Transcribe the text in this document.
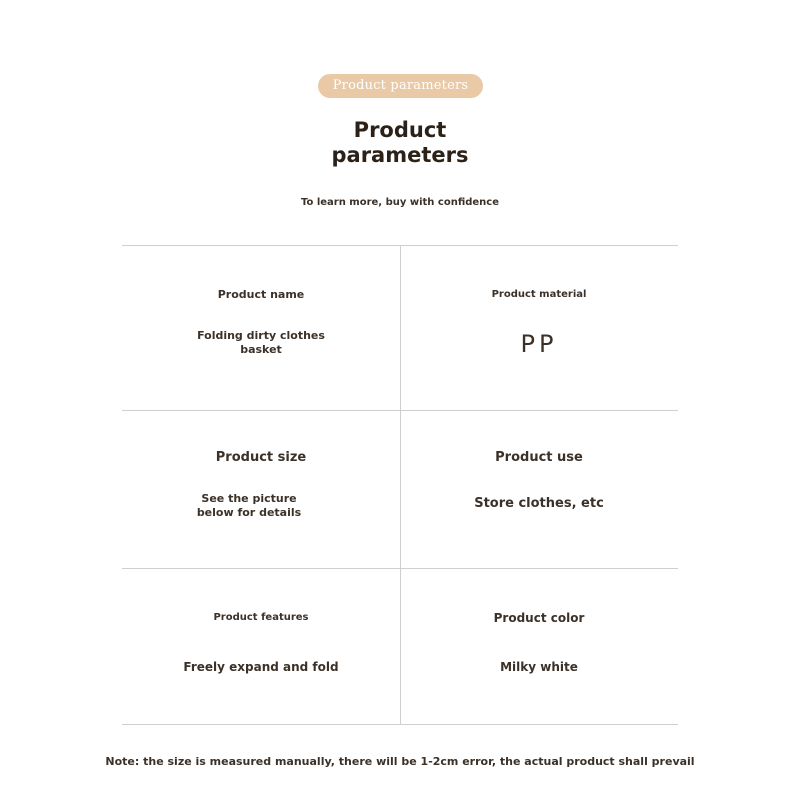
Product parameters
Product
parameters
To learn more, buy with confidence
Product name
Folding dirty clothes
basket
Product material
PP
Product size
See the picture
below for details
Product use
Store clothes, etc
Product features
Freely expand and fold
Product color
Milky white
Note: the size is measured manually, there will be 1-2cm error, the actual product shall prevail
